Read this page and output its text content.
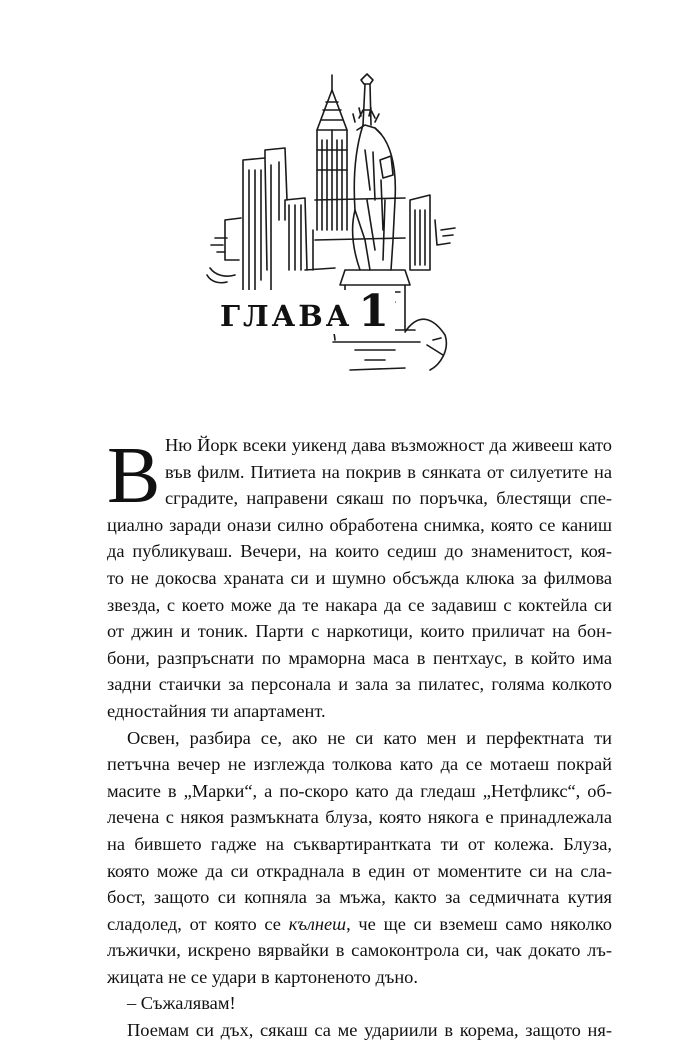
ГЛАВА 1
В Ню Йорк всеки уикенд дава възможност да живееш като
във филм. Питиета на покрив в сянката от силуетите на
сградите, направени сякаш по поръчка, блестящи спе-
циално заради онази силно обработена снимка, която се каниш
да публикуваш. Вечери, на които седиш до знаменитост, коя-
то не докосва храната си и шумно обсъжда клюка за филмова
звезда, с което може да те накара да се задавиш с коктейла си
от джин и тоник. Парти с наркотици, които приличат на бон-
бони, разпръснати по мраморна маса в пентхаус, в който има
задни стаички за персонала и зала за пилатес, голяма колкото
едностайния ти апартамент.
Освен, разбира се, ако не си като мен и перфектната ти
петъчна вечер не изглежда толкова като да се мотаеш покрай
масите в „Марки“, а по-скоро като да гледаш „Нетфликс“, об-
лечена с някоя размъкната блуза, която някога е принадлежала
на бившето гадже на съквартирантката ти от колежа. Блуза,
която може да си откраднала в един от моментите си на сла-
бост, защото си копняла за мъжа, както за седмичната кутия
сладолед, от която се кълнеш, че ще си вземеш само няколко
лъжички, искрено вярвайки в самоконтрола си, чак докато лъ-
жицата не се удари в картоненото дъно.
– Съжалявам!
Поемам си дъх, сякаш са ме удариили в корема, защото ня-
